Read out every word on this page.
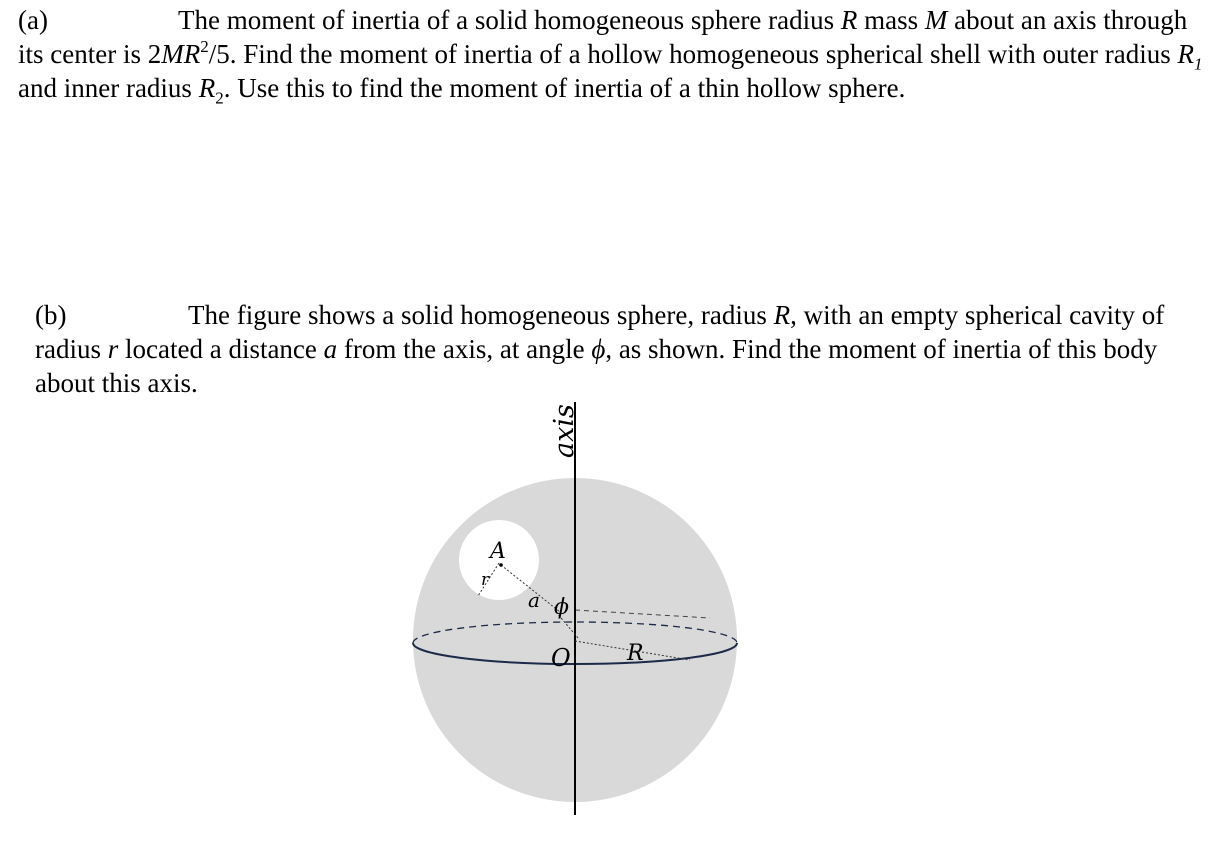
(a)	The moment of inertia of a solid homogeneous sphere radius R mass M about an axis through its center is $2MR^2/5$. Find the moment of inertia of a hollow homogeneous spherical shell with outer radius $R_1$ and inner radius $R_2$. Use this to find the moment of inertia of a thin hollow sphere.

(b)	The figure shows a solid homogeneous sphere, radius R, with an empty spherical cavity of radius r located a distance a from the axis, at angle ϕ, as shown. Find the moment of inertia of this body about this axis.

axis
A
r
a ϕ
O	R
